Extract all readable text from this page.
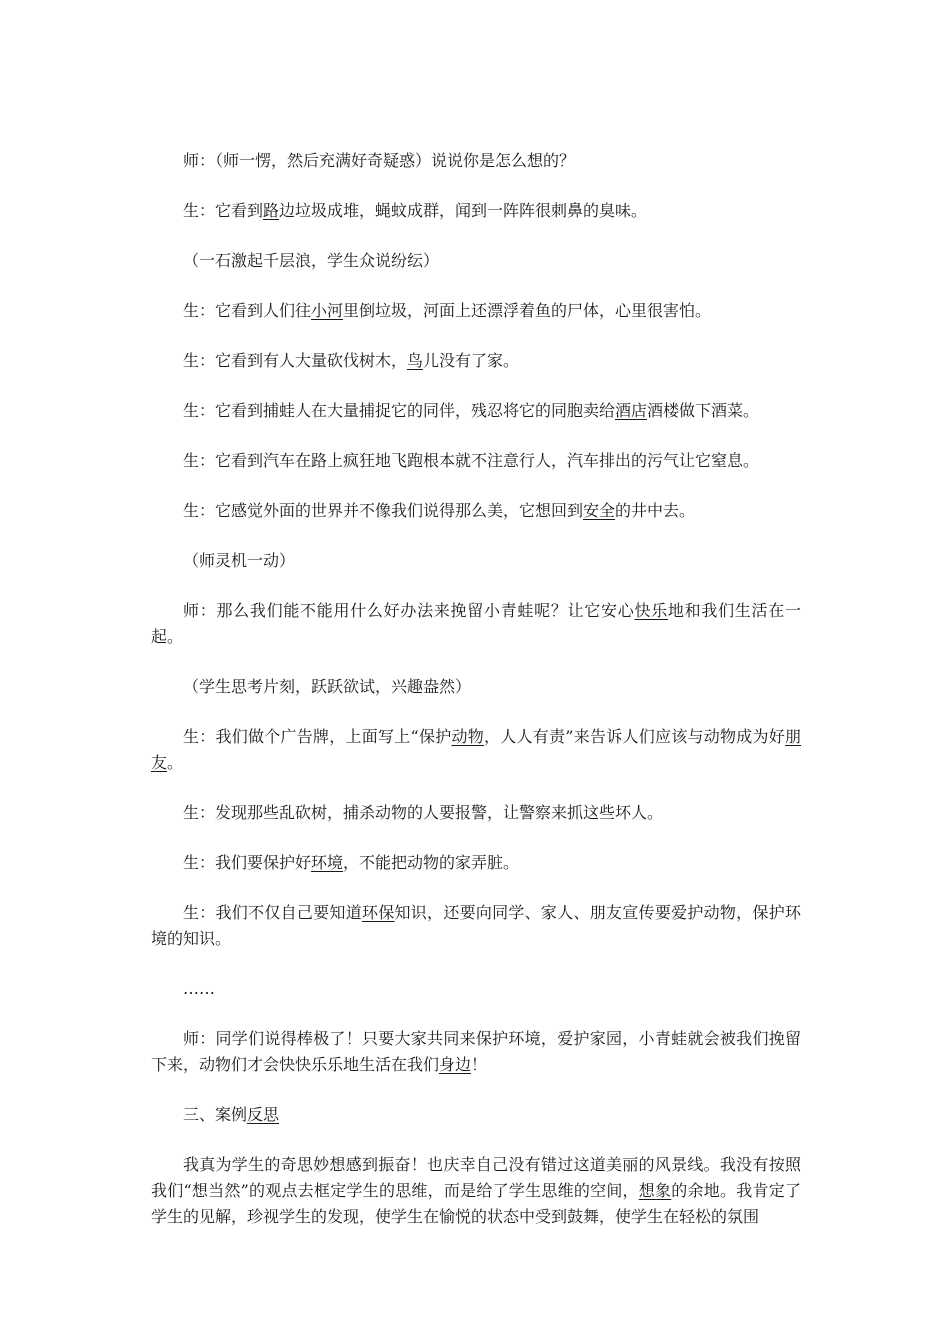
师：（师一愣，然后充满好奇疑惑）说说你是怎么想的？

生：它看到路边垃圾成堆，蝇蚊成群，闻到一阵阵很刺鼻的臭味。

（一石激起千层浪，学生众说纷纭）

生：它看到人们往小河里倒垃圾，河面上还漂浮着鱼的尸体，心里很害怕。

生：它看到有人大量砍伐树木，鸟儿没有了家。

生：它看到捕蛙人在大量捕捉它的同伴，残忍将它的同胞卖给酒店酒楼做下酒菜。

生：它看到汽车在路上疯狂地飞跑根本就不注意行人，汽车排出的污气让它窒息。

生：它感觉外面的世界并不像我们说得那么美，它想回到安全的井中去。

（师灵机一动）

师：那么我们能不能用什么好办法来挽留小青蛙呢？让它安心快乐地和我们生活在一起。

（学生思考片刻，跃跃欲试，兴趣盎然）

生：我们做个广告牌，上面写上“保护动物，人人有责”来告诉人们应该与动物成为好朋友。

生：发现那些乱砍树，捕杀动物的人要报警，让警察来抓这些坏人。

生：我们要保护好环境，不能把动物的家弄脏。

生：我们不仅自己要知道环保知识，还要向同学、家人、朋友宣传要爱护动物，保护环境的知识。

……

师：同学们说得棒极了！只要大家共同来保护环境，爱护家园，小青蛙就会被我们挽留下来，动物们才会快快乐乐地生活在我们身边！

三、案例反思

我真为学生的奇思妙想感到振奋！也庆幸自己没有错过这道美丽的风景线。我没有按照我们“想当然”的观点去框定学生的思维，而是给了学生思维的空间，想象的余地。我肯定了学生的见解，珍视学生的发现，使学生在愉悦的状态中受到鼓舞，使学生在轻松的氛围
